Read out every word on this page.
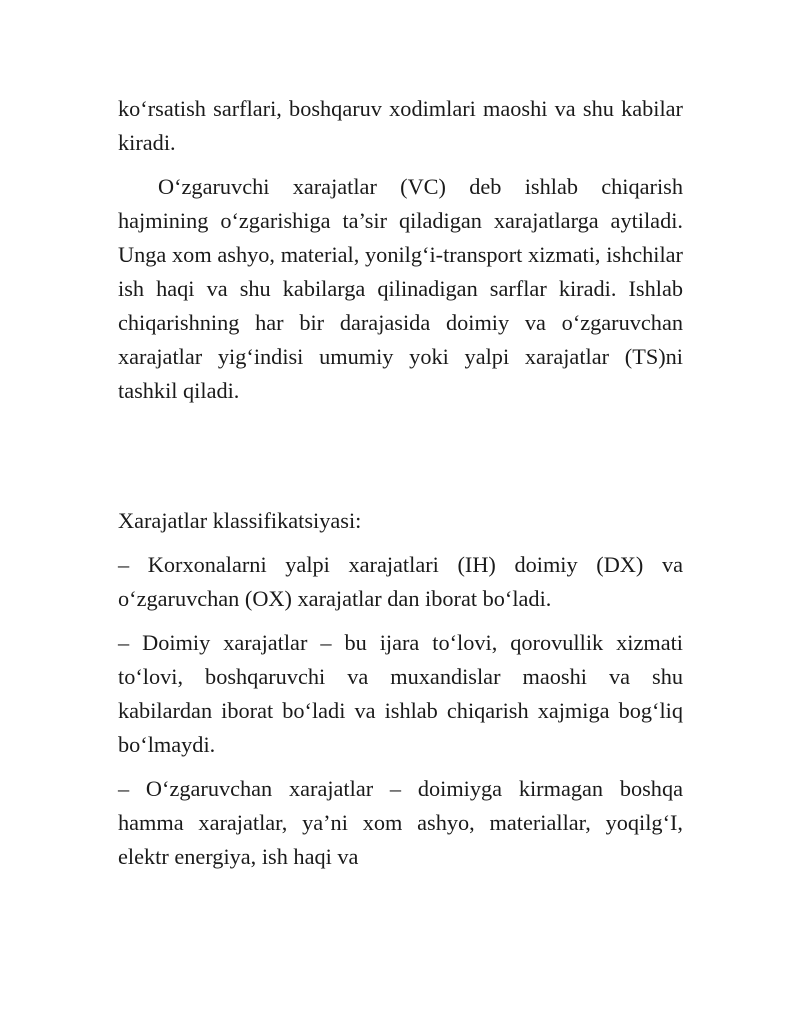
ko‘rsatish sarflari, boshqaruv xodimlari maoshi va shu kabilar kiradi.

O‘zgaruvchi xarajatlar (VC) deb ishlab chiqarish hajmining o‘zgarishiga ta’sir qiladigan xarajatlarga aytiladi. Unga xom ashyo, material, yonilg‘i-transport xizmati, ishchilar ish haqi va shu kabilarga qilinadigan sarflar kiradi. Ishlab chiqarishning har bir darajasida doimiy va o‘zgaruvchan xarajatlar yig‘indisi umumiy yoki yalpi xarajatlar (TS)ni tashkil qiladi.

Xarajatlar klassifikatsiyasi:

– Korxonalarni yalpi xarajatlari (IH) doimiy (DX) va o‘zgaruvchan (OX) xarajatlar dan iborat bo‘ladi.

– Doimiy xarajatlar – bu ijara to‘lovi, qorovullik xizmati to‘lovi, boshqaruvchi va muxandislar maoshi va shu kabilardan iborat bo‘ladi va ishlab chiqarish xajmiga bog‘liq bo‘lmaydi.

– O‘zgaruvchan xarajatlar – doimiyga kirmagan boshqa hamma xarajatlar, ya’ni xom ashyo, materiallar, yoqilg‘I, elektr energiya, ish haqi va
